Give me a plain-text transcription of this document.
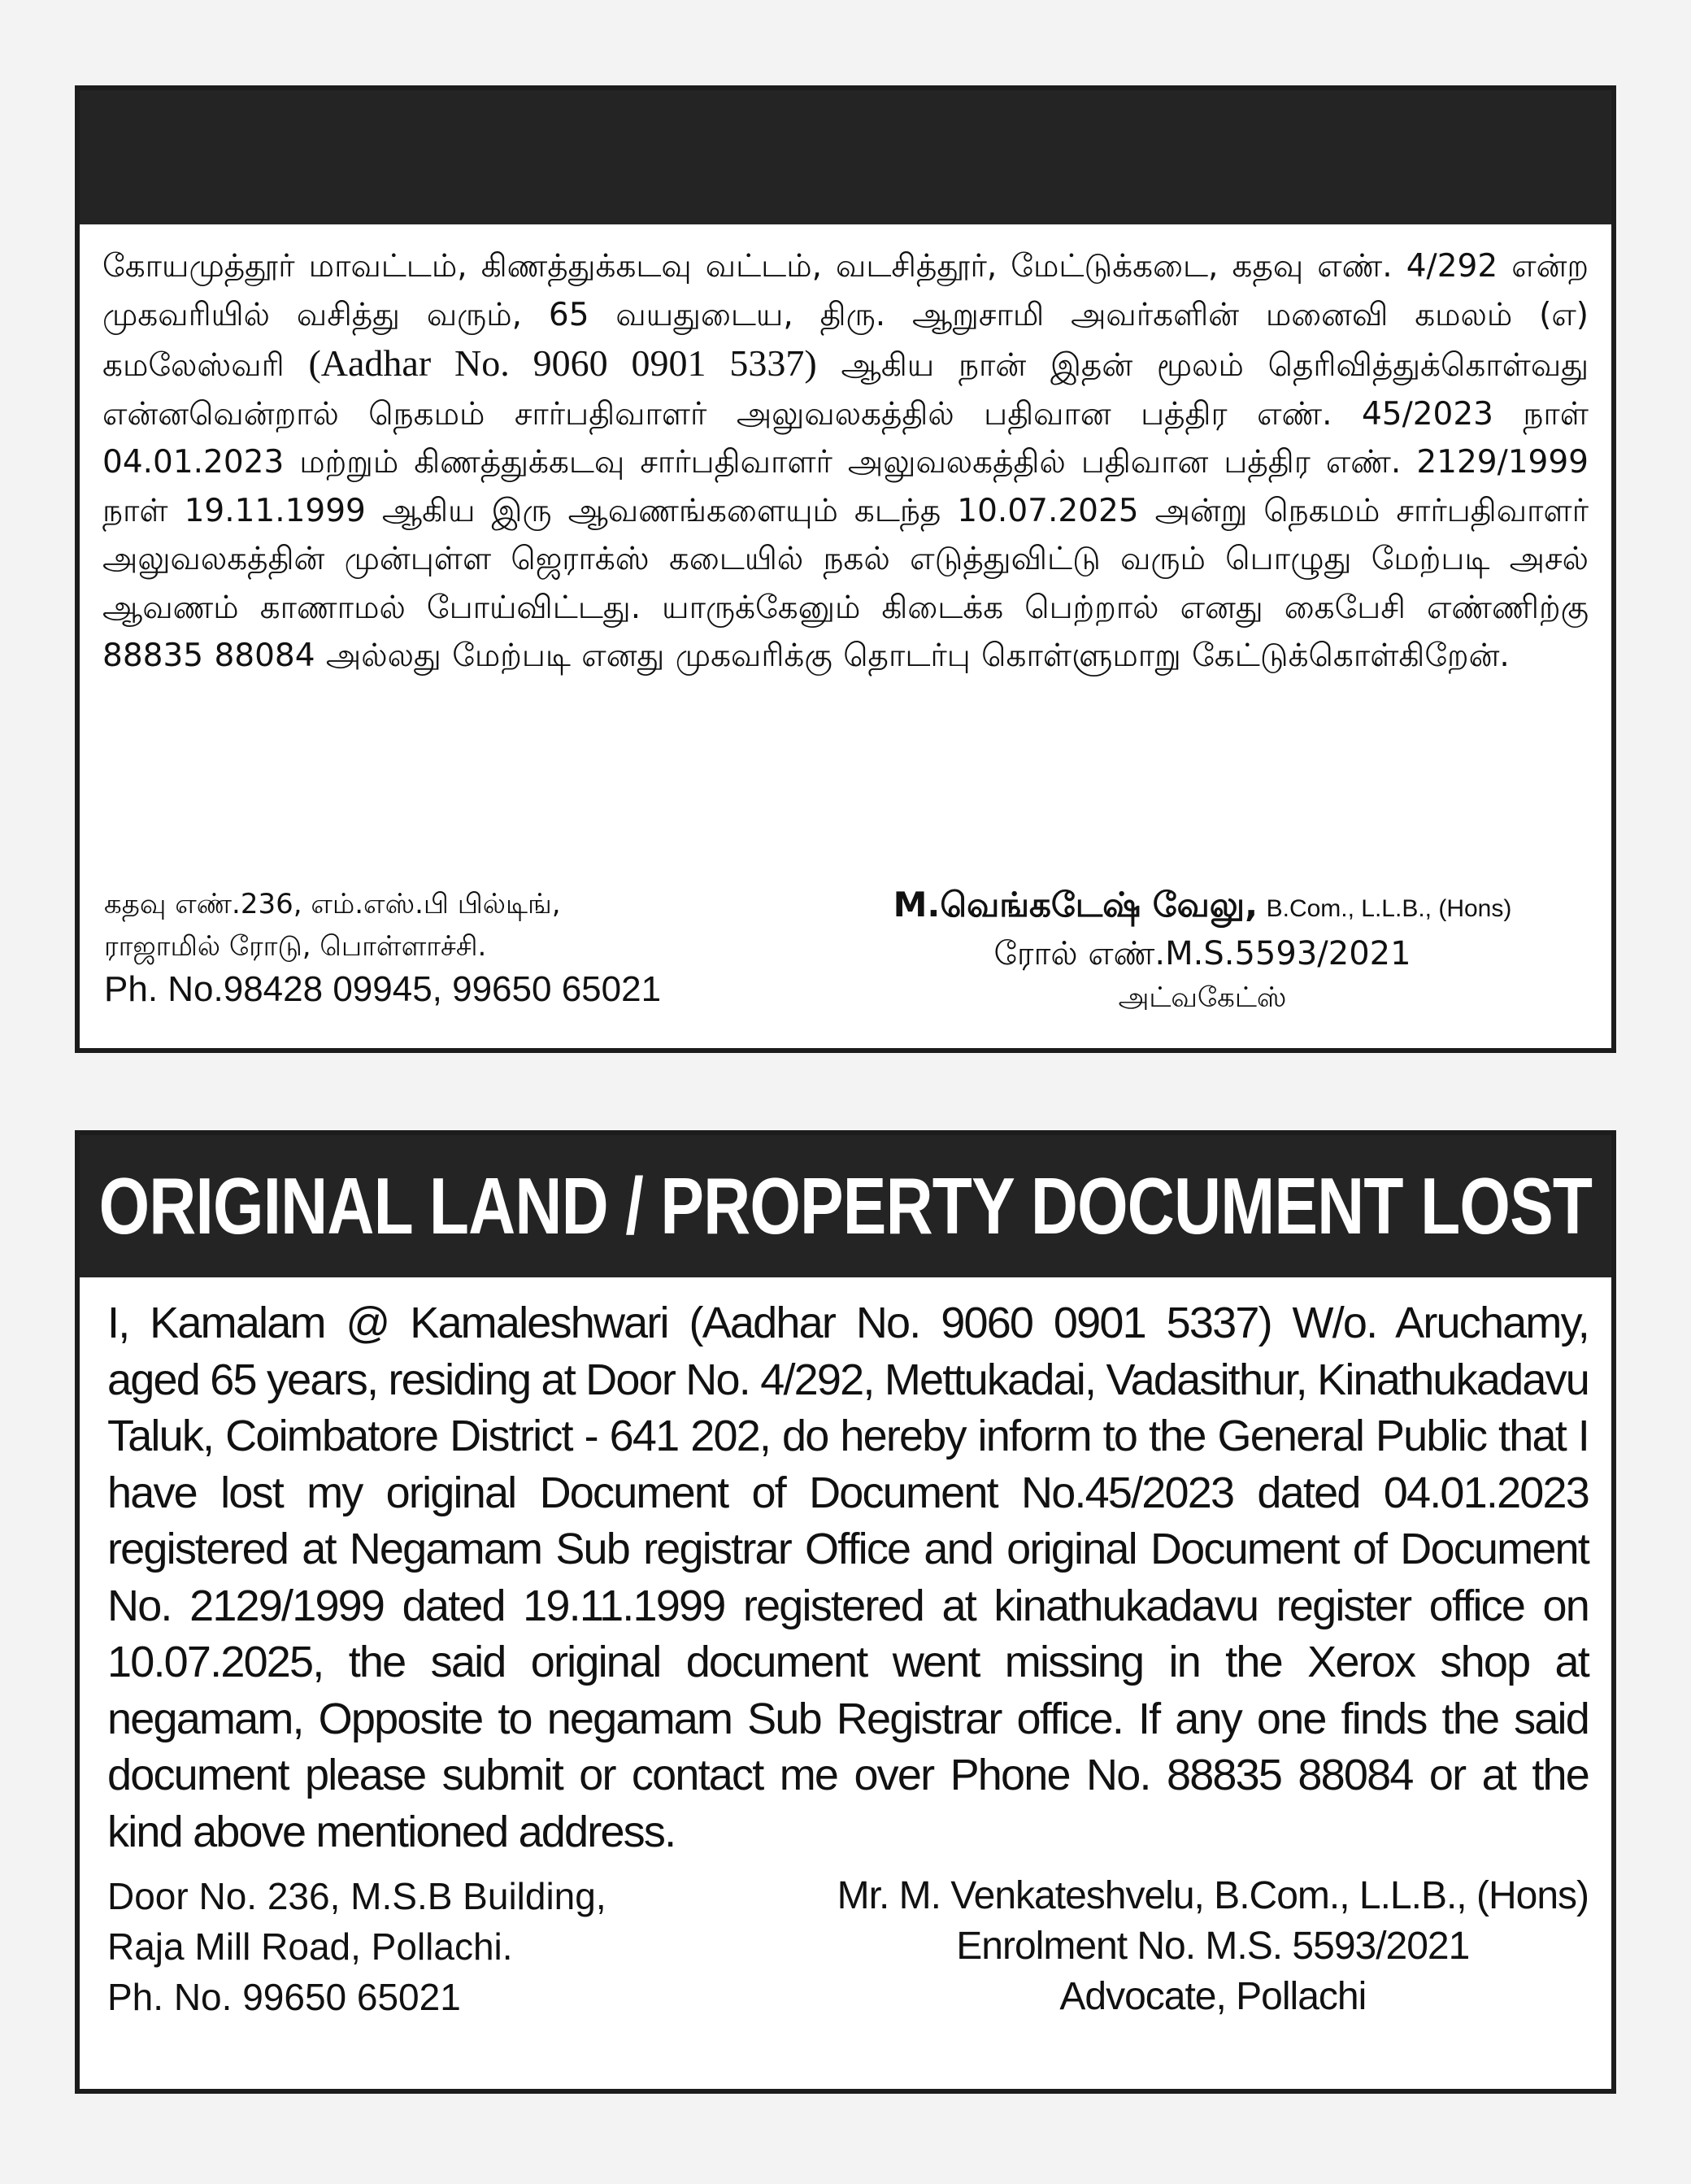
கோயமுத்தூர் மாவட்டம், கிணத்துக்கடவு வட்டம், வடசித்தூர், மேட்டுக்கடை, கதவு எண். 4/292 என்ற முகவரியில் வசித்து வரும், 65 வயதுடைய, திரு. ஆறுசாமி அவர்களின் மனைவி கமலம் (எ) கமலேஸ்வரி (Aadhar No. 9060 0901 5337) ஆகிய நான் இதன் மூலம் தெரிவித்துக்கொள்வது என்னவென்றால் நெகமம் சார்பதிவாளர் அலுவலகத்தில் பதிவான பத்திர எண். 45/2023 நாள் 04.01.2023 மற்றும் கிணத்துக்கடவு சார்பதிவாளர் அலுவலகத்தில் பதிவான பத்திர எண். 2129/1999 நாள் 19.11.1999 ஆகிய இரு ஆவணங்களையும் கடந்த 10.07.2025 அன்று நெகமம் சார்பதிவாளர் அலுவலகத்தின் முன்புள்ள ஜெராக்ஸ் கடையில் நகல் எடுத்துவிட்டு வரும் பொழுது மேற்படி அசல் ஆவணம் காணாமல் போய்விட்டது. யாருக்கேனும் கிடைக்க பெற்றால் எனது கைபேசி எண்ணிற்கு 88835 88084 அல்லது மேற்படி எனது முகவரிக்கு தொடர்பு கொள்ளுமாறு கேட்டுக்கொள்கிறேன்.

கதவு எண்.236, எம்.எஸ்.பி பில்டிங்,
ராஜாமில் ரோடு, பொள்ளாச்சி.
Ph. No.98428 09945, 99650 65021
M.வெங்கடேஷ் வேலு, B.Com., L.L.B., (Hons)
ரோல் எண்.M.S.5593/2021
அட்வகேட்ஸ்
ORIGINAL LAND / PROPERTY DOCUMENT LOST

I, Kamalam @ Kamaleshwari (Aadhar No. 9060 0901 5337) W/o. Aruchamy, aged 65 years, residing at Door No. 4/292, Mettukadai, Vadasithur, Kinathukadavu Taluk, Coimbatore District - 641 202, do hereby inform to the General Public that I have lost my original Document of Document No.45/2023 dated 04.01.2023 registered at Negamam Sub registrar Office and original Document of Document No. 2129/1999 dated 19.11.1999 registered at kinathukadavu register office on 10.07.2025, the said original document went missing in the Xerox shop at negamam, Opposite to negamam Sub Registrar office. If any one finds the said document please submit or contact me over Phone No. 88835 88084 or at the kind above mentioned address.

Door No. 236, M.S.B Building,
Raja Mill Road, Pollachi.
Ph. No. 99650 65021
Mr. M. Venkateshvelu, B.Com., L.L.B., (Hons)
Enrolment No. M.S. 5593/2021
Advocate, Pollachi
